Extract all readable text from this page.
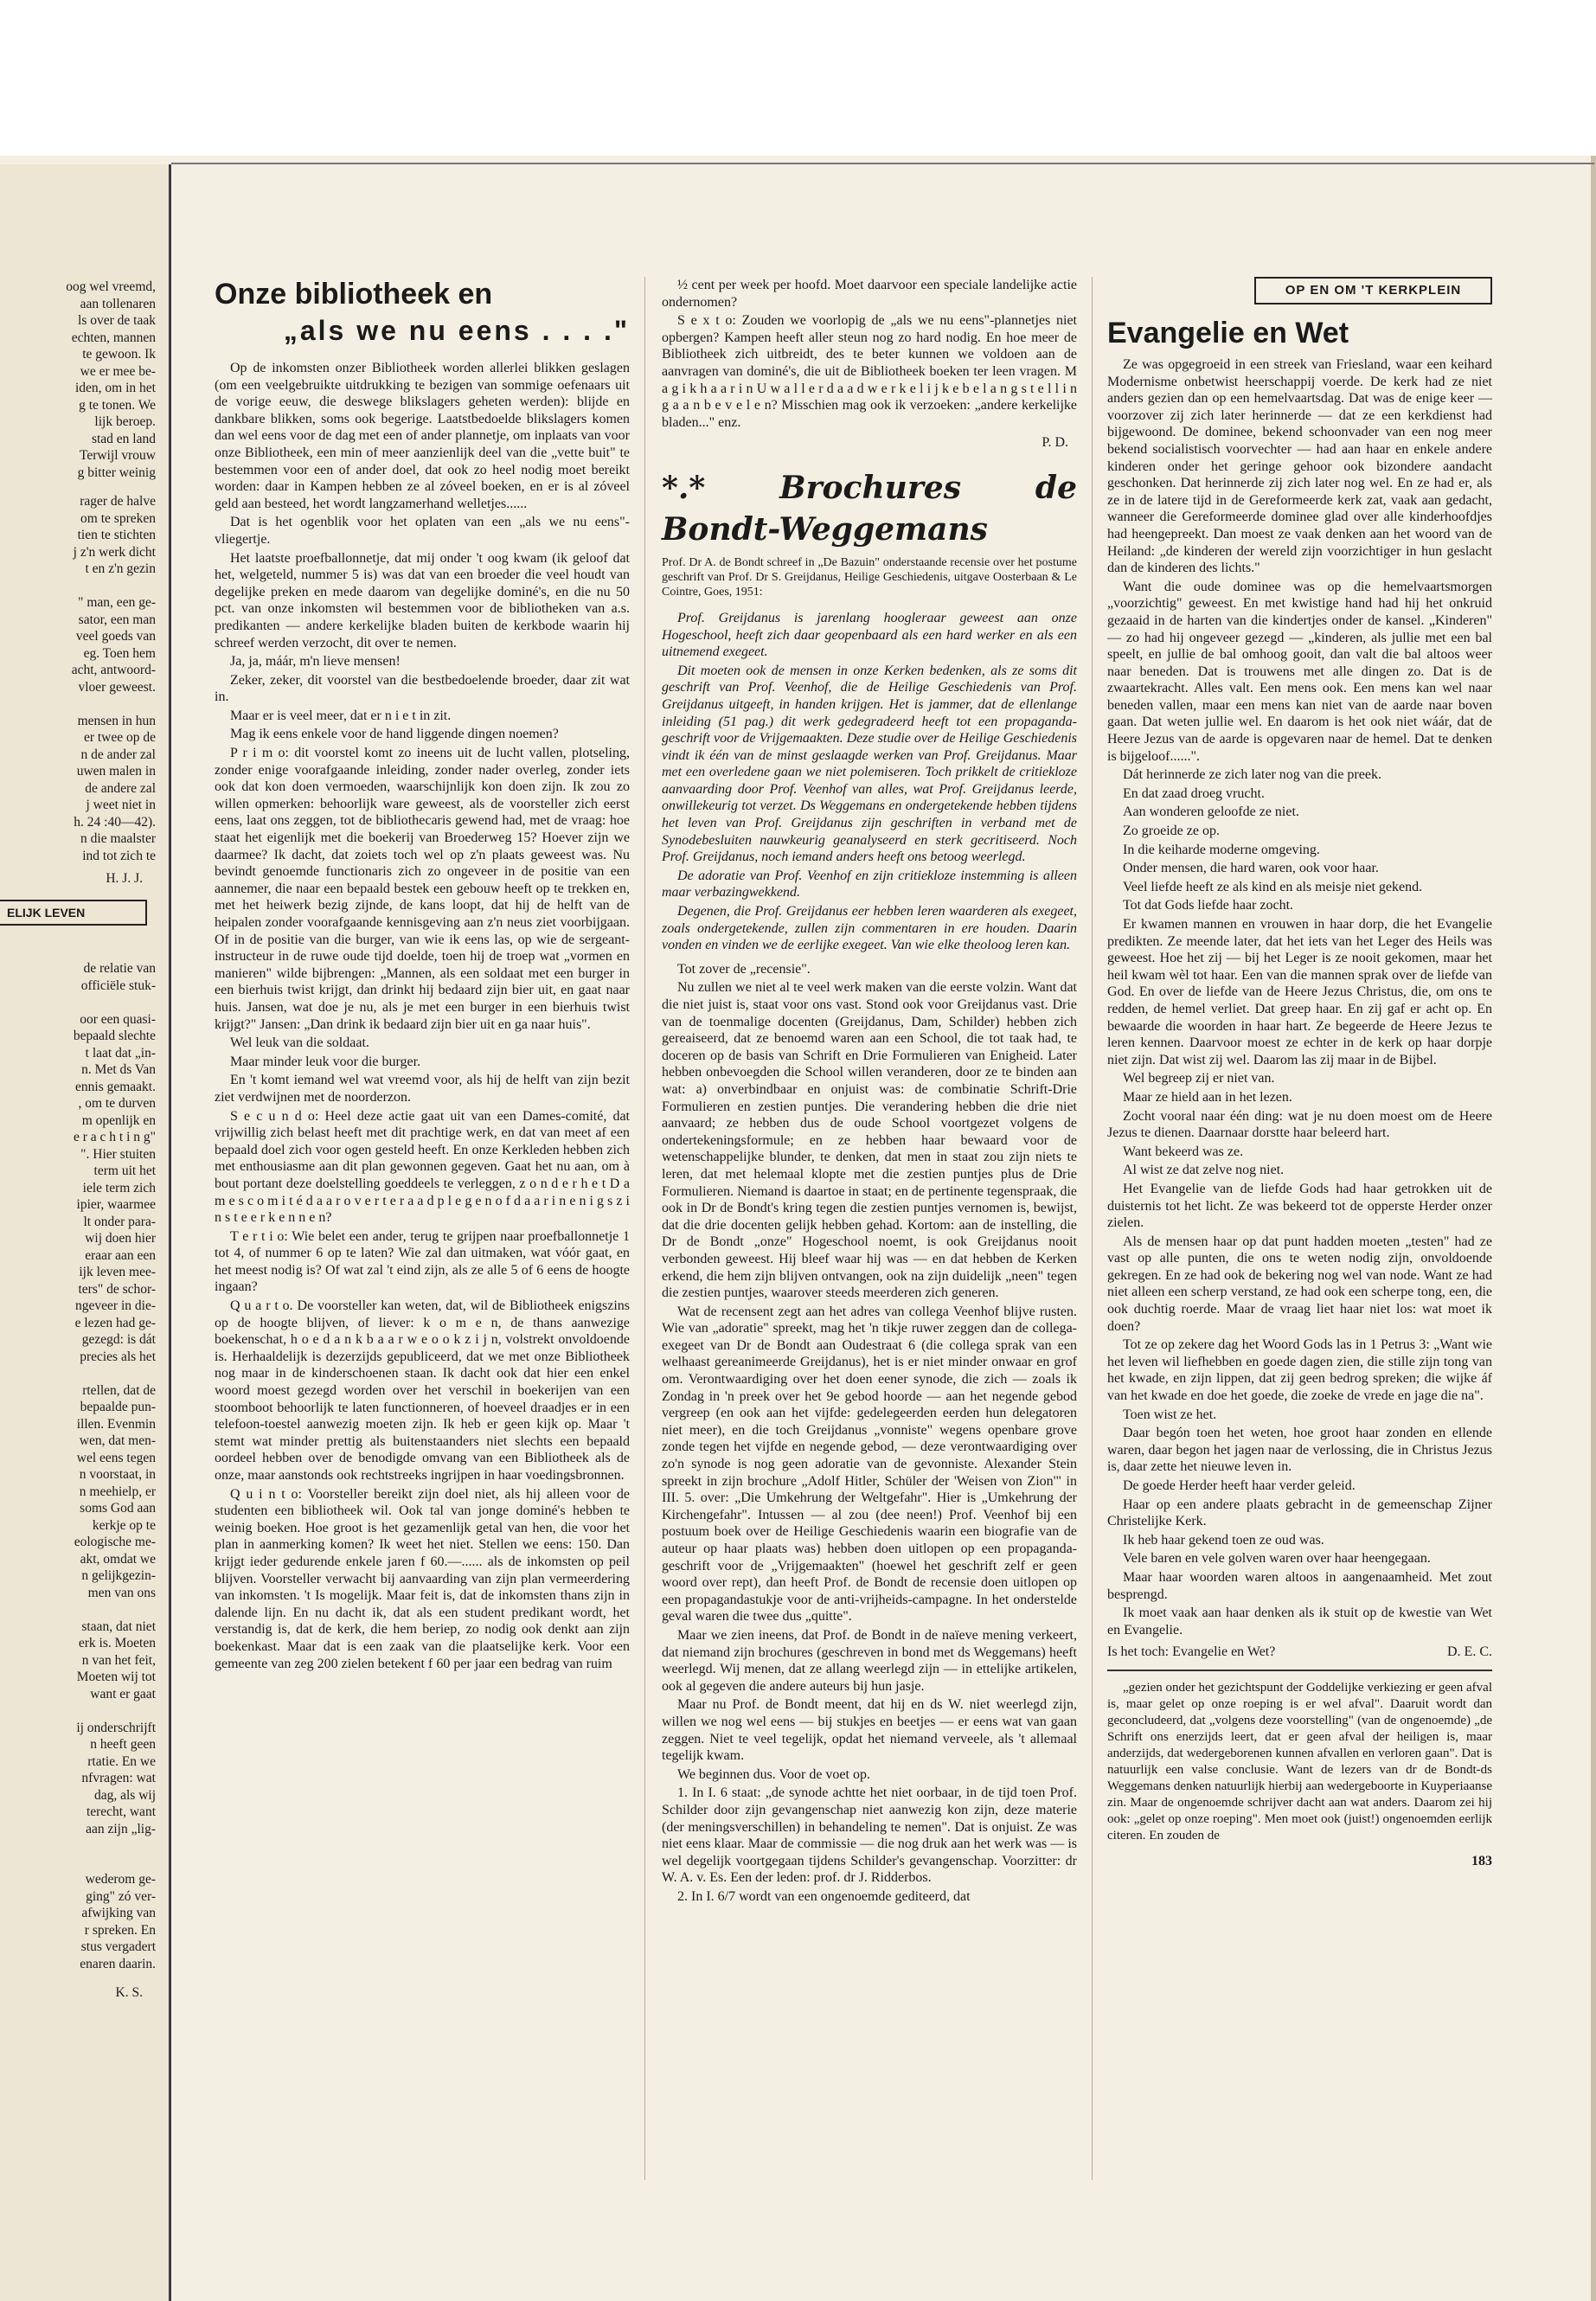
oog wel vreemd,
aan tollenaren
ls over de taak
echten, mannen
te gewoon. Ik
we er mee be-
iden, om in het
g te tonen. We
lijk beroep.
stad en land
Terwijl vrouw
g bitter weinig
rager de halve
om te spreken
tien te stichten
j z'n werk dicht
t en z'n gezin

" man, een ge-
sator, een man
veel goeds van
eg. Toen hem
acht, antwoord-
vloer geweest.

mensen in hun
er twee op de
n de ander zal
uwen malen in
de andere zal
j weet niet in
h. 24 :40—42).
n die maalster
ind tot zich te
H. J. J.
ELIJK LEVEN
de relatie van
officiële stuk-

oor een quasi-
bepaald slechte
t laat dat „in-
n. Met ds Van
ennis gemaakt.
, om te durven
m openlijk en
e r a c h t i n g"
". Hier stuiten
term uit het
iele term zich
ipier, waarmee
lt onder para-
wij doen hier
eraar aan een
ijk leven mee-
ters" de schor-
ngeveer in die-
e lezen had ge-
gezegd: is dát
precies als het

rtellen, dat de
bepaalde pun-
illen. Evenmin
wen, dat men-
wel eens tegen
n voorstaat, in
n meehielp, er
soms God aan
kerkje op te
eologische me-
akt, omdat we
n gelijkgezin-
men van ons

staan, dat niet
erk is. Moeten
n van het feit,
Moeten wij tot
want er gaat

ij onderschrijft
n heeft geen
rtatie. En we
nfvragen: wat
dag, als wij
terecht, want
aan zijn „lig-

wederom ge-
ging" zó ver-
afwijking van
r spreken. En
stus vergadert
enaren daarin.
K. S.
Onze bibliotheek en
„als we nu eens . . . ."

Op de inkomsten onzer Bibliotheek worden allerlei blikken geslagen (om een veelgebruikte uitdrukking te bezigen van sommige oefenaars uit de vorige eeuw, die deswege blikslagers geheten werden): blijde en dankbare blikken, soms ook begerige. Laatstbedoelde blikslagers komen dan wel eens voor de dag met een of ander plannetje, om inplaats van voor onze Bibliotheek, een min of meer aanzienlijk deel van die „vette buit" te bestemmen voor een of ander doel, dat ook zo heel nodig moet bereikt worden: daar in Kampen hebben ze al zóveel boeken, en er is al zóveel geld aan besteed, het wordt langzamerhand welletjes......

Dat is het ogenblik voor het oplaten van een „als we nu eens"-vliegertje.

Het laatste proefballonnetje, dat mij onder 't oog kwam (ik geloof dat het, welgeteld, nummer 5 is) was dat van een broeder die veel houdt van degelijke preken en mede daarom van degelijke dominé's, en die nu 50 pct. van onze inkomsten wil bestemmen voor de bibliotheken van a.s. predikanten — andere kerkelijke bladen buiten de kerkbode waarin hij schreef werden verzocht, dit over te nemen.

Ja, ja, máár, m'n lieve mensen!

Zeker, zeker, dit voorstel van die bestbedoelende broeder, daar zit wat in.

Maar er is veel meer, dat er n i e t in zit.

Mag ik eens enkele voor de hand liggende dingen noemen?

P r i m o: dit voorstel komt zo ineens uit de lucht vallen, plotseling, zonder enige voorafgaande inleiding, zonder nader overleg, zonder iets ook dat kon doen vermoeden, waarschijnlijk kon doen zijn. Ik zou zo willen opmerken: behoorlijk ware geweest, als de voorsteller zich eerst eens, laat ons zeggen, tot de bibliothecaris gewend had, met de vraag: hoe staat het eigenlijk met die boekerij van Broederweg 15? Hoever zijn we daarmee? Ik dacht, dat zoiets toch wel op z'n plaats geweest was. Nu bevindt genoemde functionaris zich zo ongeveer in de positie van een aannemer, die naar een bepaald bestek een gebouw heeft op te trekken en, met het heiwerk bezig zijnde, de kans loopt, dat hij de helft van de heipalen zonder voorafgaande kennisgeving aan z'n neus ziet voorbijgaan. Of in de positie van die burger, van wie ik eens las, op wie de sergeant-instructeur in de ruwe oude tijd doelde, toen hij de troep wat „vormen en manieren" wilde bijbrengen: „Mannen, als een soldaat met een burger in een bierhuis twist krijgt, dan drinkt hij bedaard zijn bier uit, en gaat naar huis. Jansen, wat doe je nu, als je met een burger in een bierhuis twist krijgt?" Jansen: „Dan drink ik bedaard zijn bier uit en ga naar huis".

Wel leuk van die soldaat.

Maar minder leuk voor die burger.

En 't komt iemand wel wat vreemd voor, als hij de helft van zijn bezit ziet verdwijnen met de noorderzon.

S e c u n d o: Heel deze actie gaat uit van een Dames-comité, dat vrijwillig zich belast heeft met dit prachtige werk, en dat van meet af een bepaald doel zich voor ogen gesteld heeft. En onze Kerkleden hebben zich met enthousiasme aan dit plan gewonnen gegeven. Gaat het nu aan, om à bout portant deze doelstelling goeddeels te verleggen, z o n d e r h e t D a m e s c o m i t é d a a r o v e r t e r a a d p l e g e n o f d a a r i n e n i g s z i n s t e e r k e n n e n?

T e r t i o: Wie belet een ander, terug te grijpen naar proefballonnetje 1 tot 4, of nummer 6 op te laten? Wie zal dan uitmaken, wat vóór gaat, en het meest nodig is? Of wat zal 't eind zijn, als ze alle 5 of 6 eens de hoogte ingaan?

Q u a r t o. De voorsteller kan weten, dat, wil de Bibliotheek enigszins op de hoogte blijven, of liever: k o m e n, de thans aanwezige boekenschat, h o e d a n k b a a r w e o o k z i j n, volstrekt onvoldoende is. Herhaaldelijk is dezerzijds gepubliceerd, dat we met onze Bibliotheek nog maar in de kinderschoenen staan. Ik dacht ook dat hier een enkel woord moest gezegd worden over het verschil in boekerijen van een stoomboot behoorlijk te laten functionneren, of hoeveel draadjes er in een telefoon-toestel aanwezig moeten zijn. Ik heb er geen kijk op. Maar 't stemt wat minder prettig als buitenstaanders niet slechts een bepaald oordeel hebben over de benodigde omvang van een Bibliotheek als de onze, maar aanstonds ook rechtstreeks ingrijpen in haar voedingsbronnen.

Q u i n t o: Voorsteller bereikt zijn doel niet, als hij alleen voor de studenten een bibliotheek wil. Ook tal van jonge dominé's hebben te weinig boeken. Hoe groot is het gezamenlijk getal van hen, die voor het plan in aanmerking komen? Ik weet het niet. Stellen we eens: 150. Dan krijgt ieder gedurende enkele jaren f 60.—...... als de inkomsten op peil blijven. Voorsteller verwacht bij aanvaarding van zijn plan vermeerdering van inkomsten. 't Is mogelijk. Maar feit is, dat de inkomsten thans zijn in dalende lijn. En nu dacht ik, dat als een student predikant wordt, het verstandig is, dat de kerk, die hem beriep, zo nodig ook denkt aan zijn boekenkast. Maar dat is een zaak van die plaatselijke kerk. Voor een gemeente van zeg 200 zielen betekent f 60 per jaar een bedrag van ruim

½ cent per week per hoofd. Moet daarvoor een speciale landelijke actie ondernomen?

S e x t o: Zouden we voorlopig de „als we nu eens"-plannetjes niet opbergen? Kampen heeft aller steun nog zo hard nodig. En hoe meer de Bibliotheek zich uitbreidt, des te beter kunnen we voldoen aan de aanvragen van dominé's, die uit de Bibliotheek boeken ter leen vragen. M a g i k h a a r i n U w a l l e r d a a d w e r k e l i j k e b e l a n g s t e l l i n g a a n b e v e l e n? Misschien mag ook ik verzoeken: „andere kerkelijke bladen..." enz.

P. D.
*.* Brochures de Bondt-Weggemans
Prof. Dr A. de Bondt schreef in „De Bazuin" onderstaande recensie over het postume geschrift van Prof. Dr S. Greijdanus, Heilige Geschiedenis, uitgave Oosterbaan & Le Cointre, Goes, 1951:

Prof. Greijdanus is jarenlang hoogleraar geweest aan onze Hogeschool, heeft zich daar geopenbaard als een hard werker en als een uitnemend exegeet.

Dit moeten ook de mensen in onze Kerken bedenken, als ze soms dit geschrift van Prof. Veenhof, die de Heilige Geschiedenis van Prof. Greijdanus uitgeeft, in handen krijgen. Het is jammer, dat de ellenlange inleiding (51 pag.) dit werk gedegradeerd heeft tot een propaganda-geschrift voor de Vrijgemaakten. Deze studie over de Heilige Geschiedenis vindt ik één van de minst geslaagde werken van Prof. Greijdanus. Maar met een overledene gaan we niet polemiseren. Toch prikkelt de critiekloze aanvaarding door Prof. Veenhof van alles, wat Prof. Greijdanus leerde, onwillekeurig tot verzet. Ds Weggemans en ondergetekende hebben tijdens het leven van Prof. Greijdanus zijn geschriften in verband met de Synodebesluiten nauwkeurig geanalyseerd en sterk gecritiseerd. Noch Prof. Greijdanus, noch iemand anders heeft ons betoog weerlegd.

De adoratie van Prof. Veenhof en zijn critiekloze instemming is alleen maar verbazingwekkend.

Degenen, die Prof. Greijdanus eer hebben leren waarderen als exegeet, zoals ondergetekende, zullen zijn commentaren in ere houden. Daarin vonden en vinden we de eerlijke exegeet. Van wie elke theoloog leren kan.

Tot zover de „recensie".

Nu zullen we niet al te veel werk maken van die eerste volzin. Want dat die niet juist is, staat voor ons vast. Stond ook voor Greijdanus vast. Drie van de toenmalige docenten (Greijdanus, Dam, Schilder) hebben zich gereaiseerd, dat ze benoemd waren aan een School, die tot taak had, te doceren op de basis van Schrift en Drie Formulieren van Enigheid. Later hebben onbevoegden die School willen veranderen, door ze te binden aan wat: a) onverbindbaar en onjuist was: de combinatie Schrift-Drie Formulieren en zestien puntjes. Die verandering hebben die drie niet aanvaard; ze hebben dus de oude School voortgezet volgens de ondertekeningsformule; en ze hebben haar bewaard voor de wetenschappelijke blunder, te denken, dat men in staat zou zijn niets te leren, dat met helemaal klopte met die zestien puntjes plus de Drie Formulieren. Niemand is daartoe in staat; en de pertinente tegenspraak, die ook in Dr de Bondt's kring tegen die zestien puntjes vernomen is, bewijst, dat die drie docenten gelijk hebben gehad. Kortom: aan de instelling, die Dr de Bondt „onze" Hogeschool noemt, is ook Greijdanus nooit verbonden geweest. Hij bleef waar hij was — en dat hebben de Kerken erkend, die hem zijn blijven ontvangen, ook na zijn duidelijk „neen" tegen die zestien puntjes, waarover steeds meerderen zich generen.

Wat de recensent zegt aan het adres van collega Veenhof blijve rusten. Wie van „adoratie" spreekt, mag het 'n tikje ruwer zeggen dan de collega-exegeet van Dr de Bondt aan Oudestraat 6 (die collega sprak van een welhaast gereanimeerde Greijdanus), het is er niet minder onwaar en grof om. Verontwaardiging over het doen eener synode, die zich — zoals ik Zondag in 'n preek over het 9e gebod hoorde — aan het negende gebod vergreep (en ook aan het vijfde: gedelegeerden eerden hun delegatoren niet meer), en die toch Greijdanus „vonniste" wegens openbare grove zonde tegen het vijfde en negende gebod, — deze verontwaardiging over zo'n synode is nog geen adoratie van de gevonniste. Alexander Stein spreekt in zijn brochure „Adolf Hitler, Schüler der 'Weisen von Zion'" in III. 5. over: „Die Umkehrung der Weltgefahr". Hier is „Umkehrung der Kirchengefahr". Intussen — al zou (dee neen!) Prof. Veenhof bij een postuum boek over de Heilige Geschiedenis waarin een biografie van de auteur op haar plaats was) hebben doen uitlopen op een propaganda-geschrift voor de „Vrijgemaakten" (hoewel het geschrift zelf er geen woord over rept), dan heeft Prof. de Bondt de recensie doen uitlopen op een propagandastukje voor de anti-vrijheids-campagne. In het onderstelde geval waren die twee dus „quitte".

Maar we zien ineens, dat Prof. de Bondt in de naïeve mening verkeert, dat niemand zijn brochures (geschreven in bond met ds Weggemans) heeft weerlegd. Wij menen, dat ze allang weerlegd zijn — in ettelijke artikelen, ook al gegeven die andere auteurs bij hun jasje.

Maar nu Prof. de Bondt meent, dat hij en ds W. niet weerlegd zijn, willen we nog wel eens — bij stukjes en beetjes — er eens wat van gaan zeggen. Niet te veel tegelijk, opdat het niemand verveele, als 't allemaal tegelijk kwam.

We beginnen dus. Voor de voet op.

1. In I. 6 staat: „de synode achtte het niet oorbaar, in de tijd toen Prof. Schilder door zijn gevangenschap niet aanwezig kon zijn, deze materie (der meningsverschillen) in behandeling te nemen". Dat is onjuist. Ze was niet eens klaar. Maar de commissie — die nog druk aan het werk was — is wel degelijk voortgegaan tijdens Schilder's gevangenschap. Voorzitter: dr W. A. v. Es. Een der leden: prof. dr J. Ridderbos.

2. In I. 6/7 wordt van een ongenoemde gediteerd, dat

OP EN OM 'T KERKPLEIN
Evangelie en Wet

Ze was opgegroeid in een streek van Friesland, waar een keihard Modernisme onbetwist heerschappij voerde. De kerk had ze niet anders gezien dan op een hemelvaartsdag. Dat was de enige keer — voorzover zij zich later herinnerde — dat ze een kerkdienst had bijgewoond. De dominee, bekend schoonvader van een nog meer bekend socialistisch voorvechter — had aan haar en enkele andere kinderen onder het geringe gehoor ook bizondere aandacht geschonken. Dat herinnerde zij zich later nog wel. En ze had er, als ze in de latere tijd in de Gereformeerde kerk zat, vaak aan gedacht, wanneer die Gereformeerde dominee glad over alle kinderhoofdjes had heengepreekt. Dan moest ze vaak denken aan het woord van de Heiland: „de kinderen der wereld zijn voorzichtiger in hun geslacht dan de kinderen des lichts."

Want die oude dominee was op die hemelvaartsmorgen „voorzichtig" geweest. En met kwistige hand had hij het onkruid gezaaid in de harten van die kindertjes onder de kansel. „Kinderen" — zo had hij ongeveer gezegd — „kinderen, als jullie met een bal speelt, en jullie de bal omhoog gooit, dan valt die bal altoos weer naar beneden. Dat is trouwens met alle dingen zo. Dat is de zwaartekracht. Alles valt. Een mens ook. Een mens kan wel naar beneden vallen, maar een mens kan niet van de aarde naar boven gaan. Dat weten jullie wel. En daarom is het ook niet wáár, dat de Heere Jezus van de aarde is opgevaren naar de hemel. Dat te denken is bijgeloof......".

Dát herinnerde ze zich later nog van die preek.

En dat zaad droeg vrucht.

Aan wonderen geloofde ze niet.

Zo groeide ze op.

In die keiharde moderne omgeving.

Onder mensen, die hard waren, ook voor haar.

Veel liefde heeft ze als kind en als meisje niet gekend.

Tot dat Gods liefde haar zocht.

Er kwamen mannen en vrouwen in haar dorp, die het Evangelie predikten. Ze meende later, dat het iets van het Leger des Heils was geweest. Hoe het zij — bij het Leger is ze nooit gekomen, maar het heil kwam wèl tot haar. Een van die mannen sprak over de liefde van God. En over de liefde van de Heere Jezus Christus, die, om ons te redden, de hemel verliet. Dat greep haar. En zij gaf er acht op. En bewaarde die woorden in haar hart. Ze begeerde de Heere Jezus te leren kennen. Daarvoor moest ze echter in de kerk op haar dorpje niet zijn. Dat wist zij wel. Daarom las zij maar in de Bijbel.

Wel begreep zij er niet van.

Maar ze hield aan in het lezen.

Zocht vooral naar één ding: wat je nu doen moest om de Heere Jezus te dienen. Daarnaar dorstte haar beleerd hart.

Want bekeerd was ze.

Al wist ze dat zelve nog niet.

Het Evangelie van de liefde Gods had haar getrokken uit de duisternis tot het licht. Ze was bekeerd tot de opperste Herder onzer zielen.

Als de mensen haar op dat punt hadden moeten „testen" had ze vast op alle punten, die ons te weten nodig zijn, onvoldoende gekregen. En ze had ook de bekering nog wel van node. Want ze had niet alleen een scherp verstand, ze had ook een scherpe tong, een, die ook duchtig roerde. Maar de vraag liet haar niet los: wat moet ik doen?

Tot ze op zekere dag het Woord Gods las in 1 Petrus 3: „Want wie het leven wil liefhebben en goede dagen zien, die stille zijn tong van het kwade, en zijn lippen, dat zij geen bedrog spreken; die wijke áf van het kwade en doe het goede, die zoeke de vrede en jage die na".

Toen wist ze het.

Daar begón toen het weten, hoe groot haar zonden en ellende waren, daar begon het jagen naar de verlossing, die in Christus Jezus is, daar zette het nieuwe leven in.

De goede Herder heeft haar verder geleid.

Haar op een andere plaats gebracht in de gemeenschap Zijner Christelijke Kerk.

Ik heb haar gekend toen ze oud was.

Vele baren en vele golven waren over haar heengegaan.

Maar haar woorden waren altoos in aangenaamheid. Met zout besprengd.

Ik moet vaak aan haar denken als ik stuit op de kwestie van Wet en Evangelie.

Is het toch: Evangelie en Wet?	D. E. C.

„gezien onder het gezichtspunt der Goddelijke verkiezing er geen afval is, maar gelet op onze roeping is er wel afval". Daaruit wordt dan geconcludeerd, dat „volgens deze voorstelling" (van de ongenoemde) „de Schrift ons enerzijds leert, dat er geen afval der heiligen is, maar anderzijds, dat wedergeborenen kunnen afvallen en verloren gaan". Dat is natuurlijk een valse conclusie. Want de lezers van dr de Bondt-ds Weggemans denken natuurlijk hierbij aan wedergeboorte in Kuyperiaanse zin. Maar de ongenoemde schrijver dacht aan wat anders. Daarom zei hij ook: „gelet op onze roeping". Men moet ook (juist!) ongenoemden eerlijk citeren. En zouden de

183
